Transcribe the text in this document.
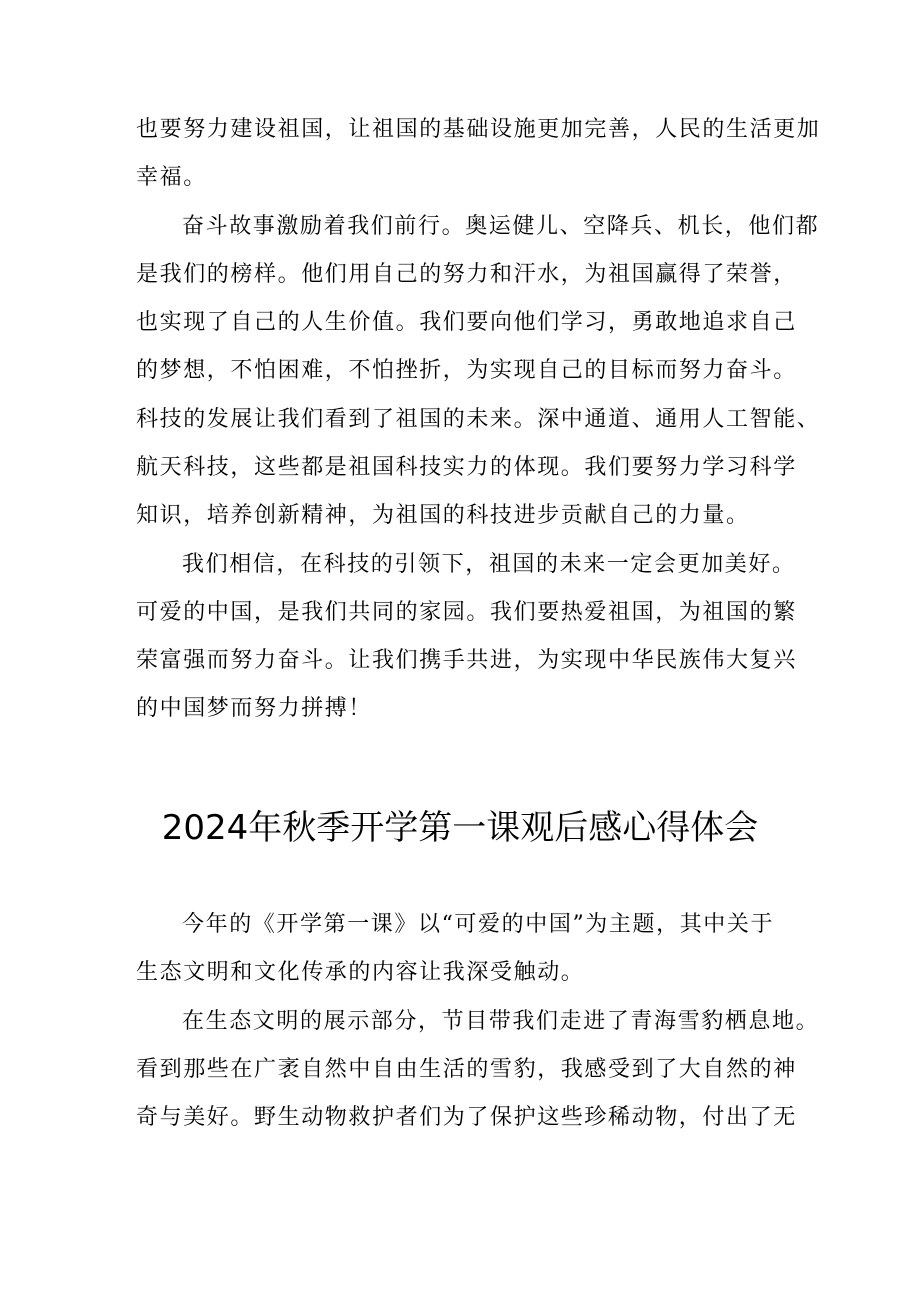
也要努力建设祖国，让祖国的基础设施更加完善，人民的生活更加
幸福。
奋斗故事激励着我们前行。奥运健儿、空降兵、机长，他们都
是我们的榜样。他们用自己的努力和汗水，为祖国赢得了荣誉，
也实现了自己的人生价值。我们要向他们学习，勇敢地追求自己
的梦想，不怕困难，不怕挫折，为实现自己的目标而努力奋斗。
科技的发展让我们看到了祖国的未来。深中通道、通用人工智能、
航天科技，这些都是祖国科技实力的体现。我们要努力学习科学
知识，培养创新精神，为祖国的科技进步贡献自己的力量。
我们相信，在科技的引领下，祖国的未来一定会更加美好。
可爱的中国，是我们共同的家园。我们要热爱祖国，为祖国的繁
荣富强而努力奋斗。让我们携手共进，为实现中华民族伟大复兴
的中国梦而努力拼搏！
2024年秋季开学第一课观后感心得体会
今年的《开学第一课》以“可爱的中国”为主题，其中关于
生态文明和文化传承的内容让我深受触动。
在生态文明的展示部分，节目带我们走进了青海雪豹栖息地。
看到那些在广袤自然中自由生活的雪豹，我感受到了大自然的神
奇与美好。野生动物救护者们为了保护这些珍稀动物，付出了无
